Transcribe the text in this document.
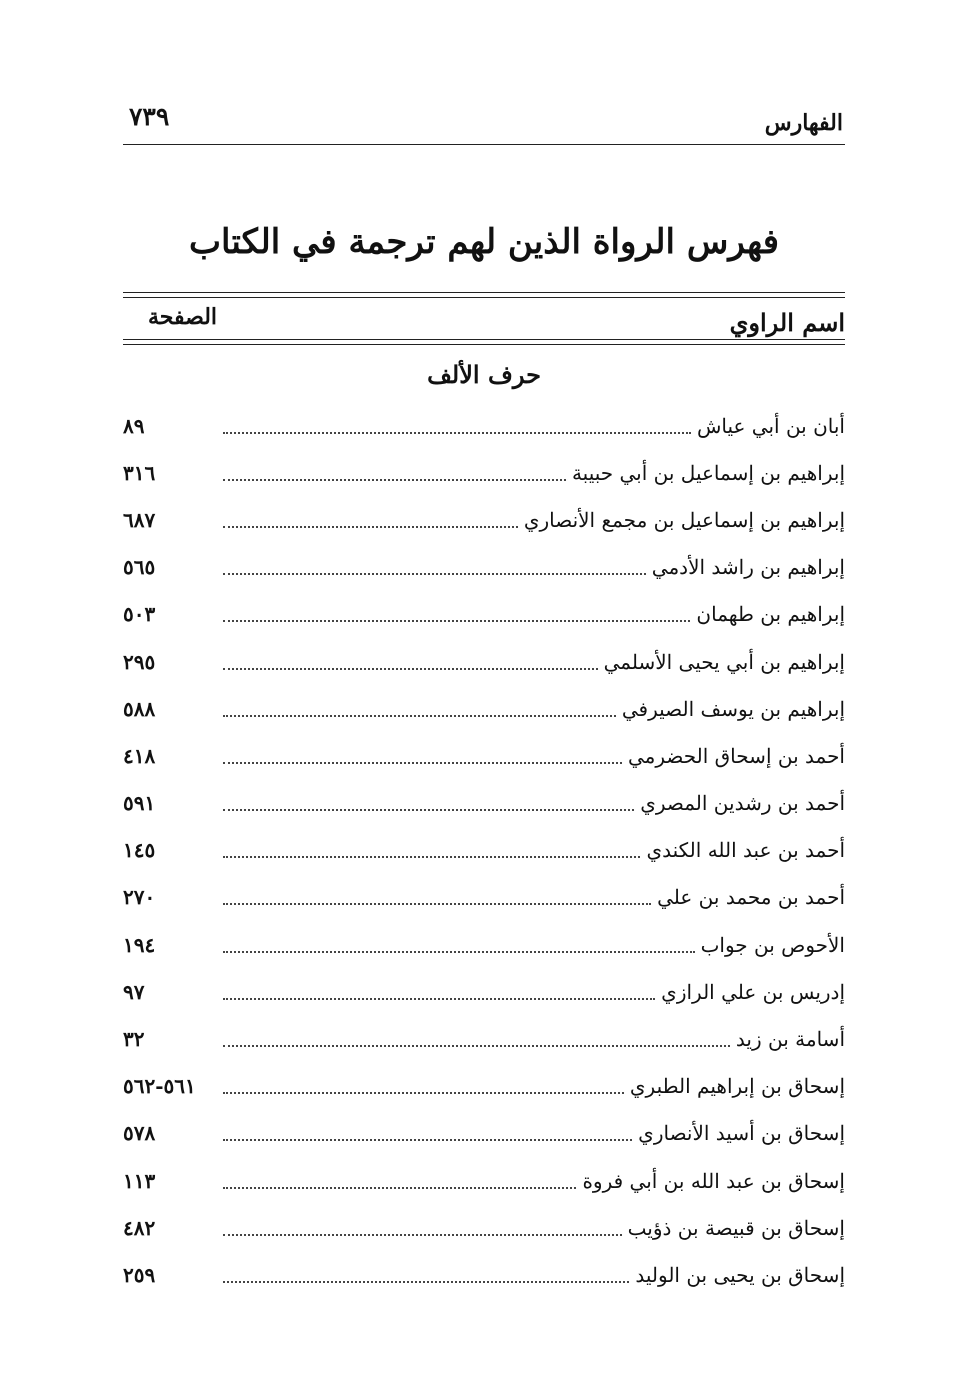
٧٣٩	الفهارس
فهرس الرواة الذين لهم ترجمة في الكتاب
الصفحة	اسم الراوي
حرف الألف
أبان بن أبي عياش
٨٩
إبراهيم بن إسماعيل بن أبي حبيبة
٣١٦
إبراهيم بن إسماعيل بن مجمع الأنصاري
٦٨٧
إبراهيم بن راشد الأدمي
٥٦٥
إبراهيم بن طهمان
٥٠٣
إبراهيم بن أبي يحيى الأسلمي
٢٩٥
إبراهيم بن يوسف الصيرفي
٥٨٨
أحمد بن إسحاق الحضرمي
٤١٨
أحمد بن رشدين المصري
٥٩١
أحمد بن عبد الله الكندي
١٤٥
أحمد بن محمد بن علي
٢٧٠
الأحوص بن جواب
١٩٤
إدريس بن علي الرازي
٩٧
أسامة بن زيد
٣٢
إسحاق بن إبراهيم الطبري
٥٦١-٥٦٢
إسحاق بن أسيد الأنصاري
٥٧٨
إسحاق بن عبد الله بن أبي فروة
١١٣
إسحاق بن قبيصة بن ذؤيب
٤٨٢
إسحاق بن يحيى بن الوليد
٢٥٩
